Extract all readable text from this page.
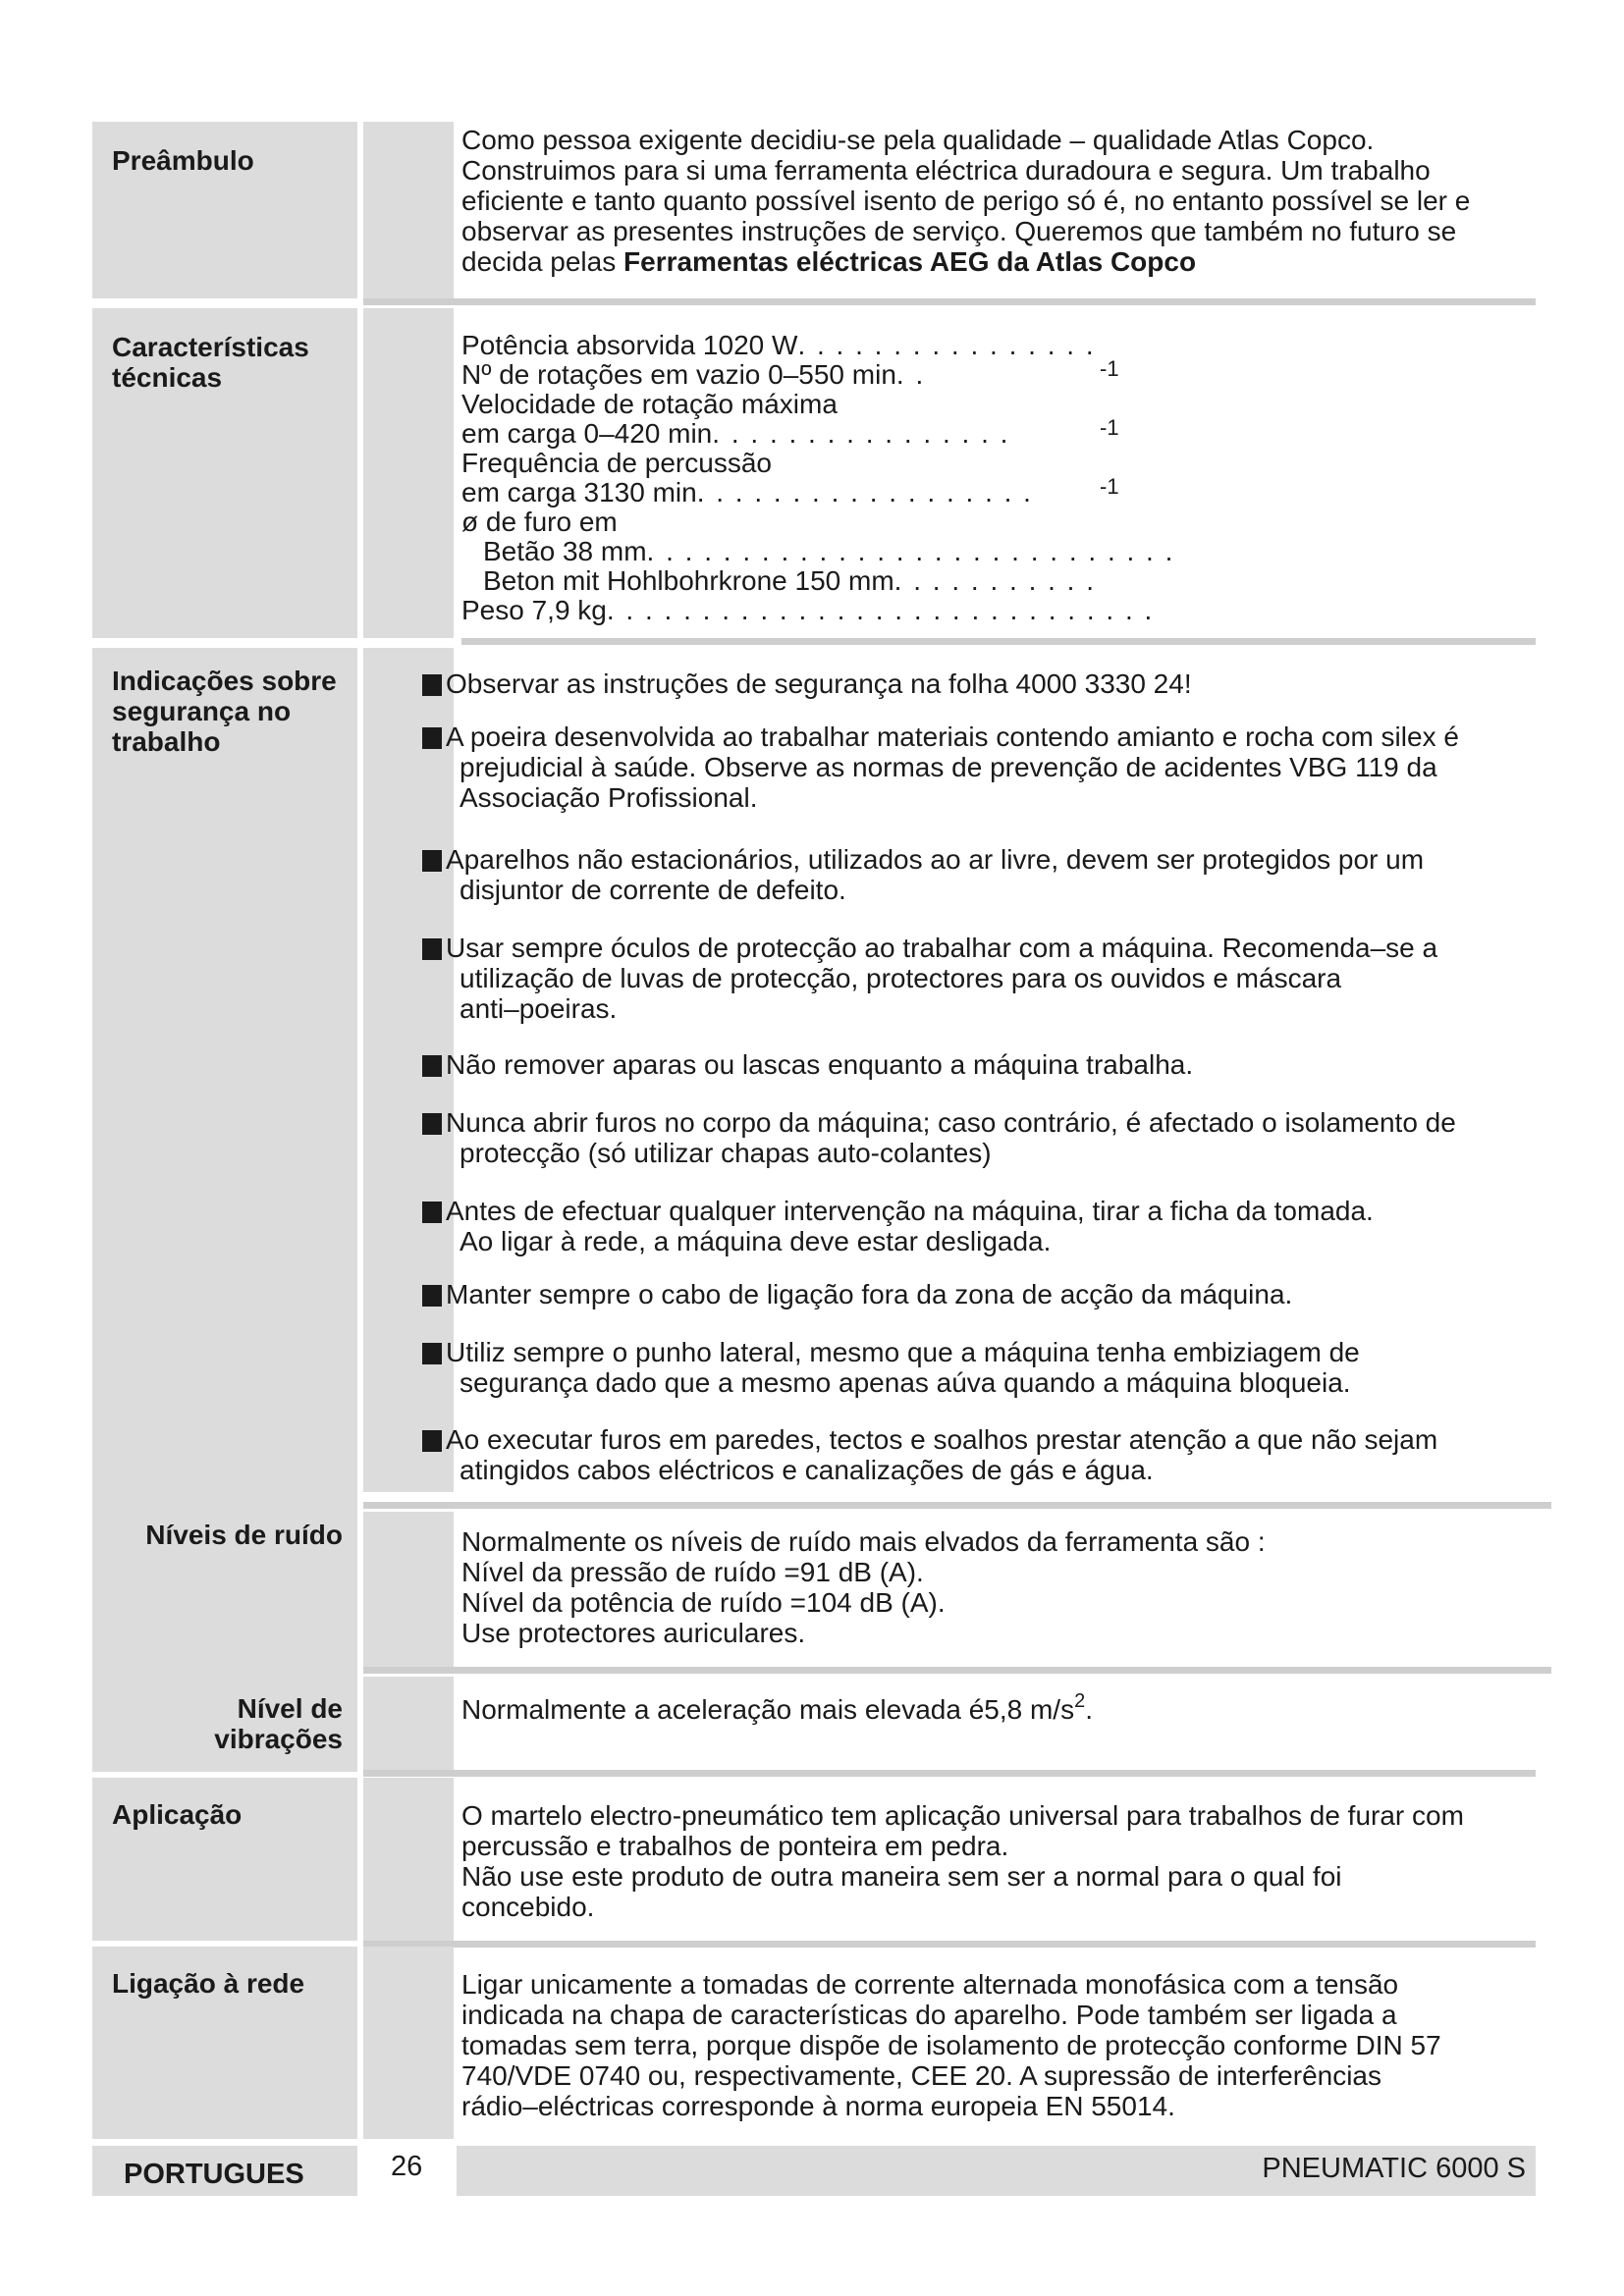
Preâmbulo

Como pessoa exigente decidiu-se pela qualidade – qualidade Atlas Copco.
Construimos para si uma ferramenta eléctrica duradoura e segura. Um trabalho
eficiente e tanto quanto possível isento de perigo só é, no entanto possível se ler e
observar as presentes instruções de serviço. Queremos que também no futuro se
decida pelas Ferramentas eléctricas AEG da Atlas Copco

Características
técnicas
Potência absorvida 1020 W. . . . . . . . . . . . . . . .
Nº de rotações em vazio 0–550 min. .	-1
Velocidade de rotação máxima
em carga 0–420 min. . . . . . . . . . . . . . . .	-1
Frequência de percussão
em carga 3130 min. . . . . . . . . . . . . . . . . .	-1
ø de furo em
Betão 38 mm. . . . . . . . . . . . . . . . . . . . . . . . . . . .
Beton mit Hohlbohrkrone 150 mm. . . . . . . . . . .
Peso 7,9 kg. . . . . . . . . . . . . . . . . . . . . . . . . . . . .
Indicações sobre
segurança no
trabalho
Observar as instruções de segurança na folha 4000 3330 24!
A poeira desenvolvida ao trabalhar materiais contendo amianto e rocha com silex é
prejudicial à saúde. Observe as normas de prevenção de acidentes VBG 119 da
Associação Profissional.
Aparelhos não estacionários, utilizados ao ar livre, devem ser protegidos por um
disjuntor de corrente de defeito.
Usar sempre óculos de protecção ao trabalhar com a máquina. Recomenda–se a
utilização de luvas de protecção, protectores para os ouvidos e máscara
anti–poeiras.
Não remover aparas ou lascas enquanto a máquina trabalha.
Nunca abrir furos no corpo da máquina; caso contrário, é afectado o isolamento de
protecção (só utilizar chapas auto-colantes)
Antes de efectuar qualquer intervenção na máquina, tirar a ficha da tomada.
Ao ligar à rede, a máquina deve estar desligada.
Manter sempre o cabo de ligação fora da zona de acção da máquina.
Utiliz sempre o punho lateral, mesmo que a máquina tenha embiziagem de
segurança dado que a mesmo apenas aúva quando a máquina bloqueia.
Ao executar furos em paredes, tectos e soalhos prestar atenção a que não sejam
atingidos cabos eléctricos e canalizações de gás e água.
Níveis de ruído	Normalmente os níveis de ruído mais elvados da ferramenta são :
Nível da pressão de ruído =91 dB (A).
Nível da potência de ruído =104 dB (A).
Use protectores auriculares.

Nível de
vibrações

Normalmente a aceleração mais elevada é5,8 $m/s^2$.

Aplicação	O martelo electro-pneumático tem aplicação universal para trabalhos de furar com
percussão e trabalhos de ponteira em pedra.
Não use este produto de outra maneira sem ser a normal para o qual foi
concebido.

Ligação à rede	Ligar unicamente a tomadas de corrente alternada monofásica com a tensão
indicada na chapa de características do aparelho. Pode também ser ligada a
tomadas sem terra, porque dispõe de isolamento de protecção conforme DIN 57
740/VDE 0740 ou, respectivamente, CEE 20. A supressão de interferências
rádio–eléctricas corresponde à norma europeia EN 55014.

PORTUGUES	26	PNEUMATIC 6000 S
